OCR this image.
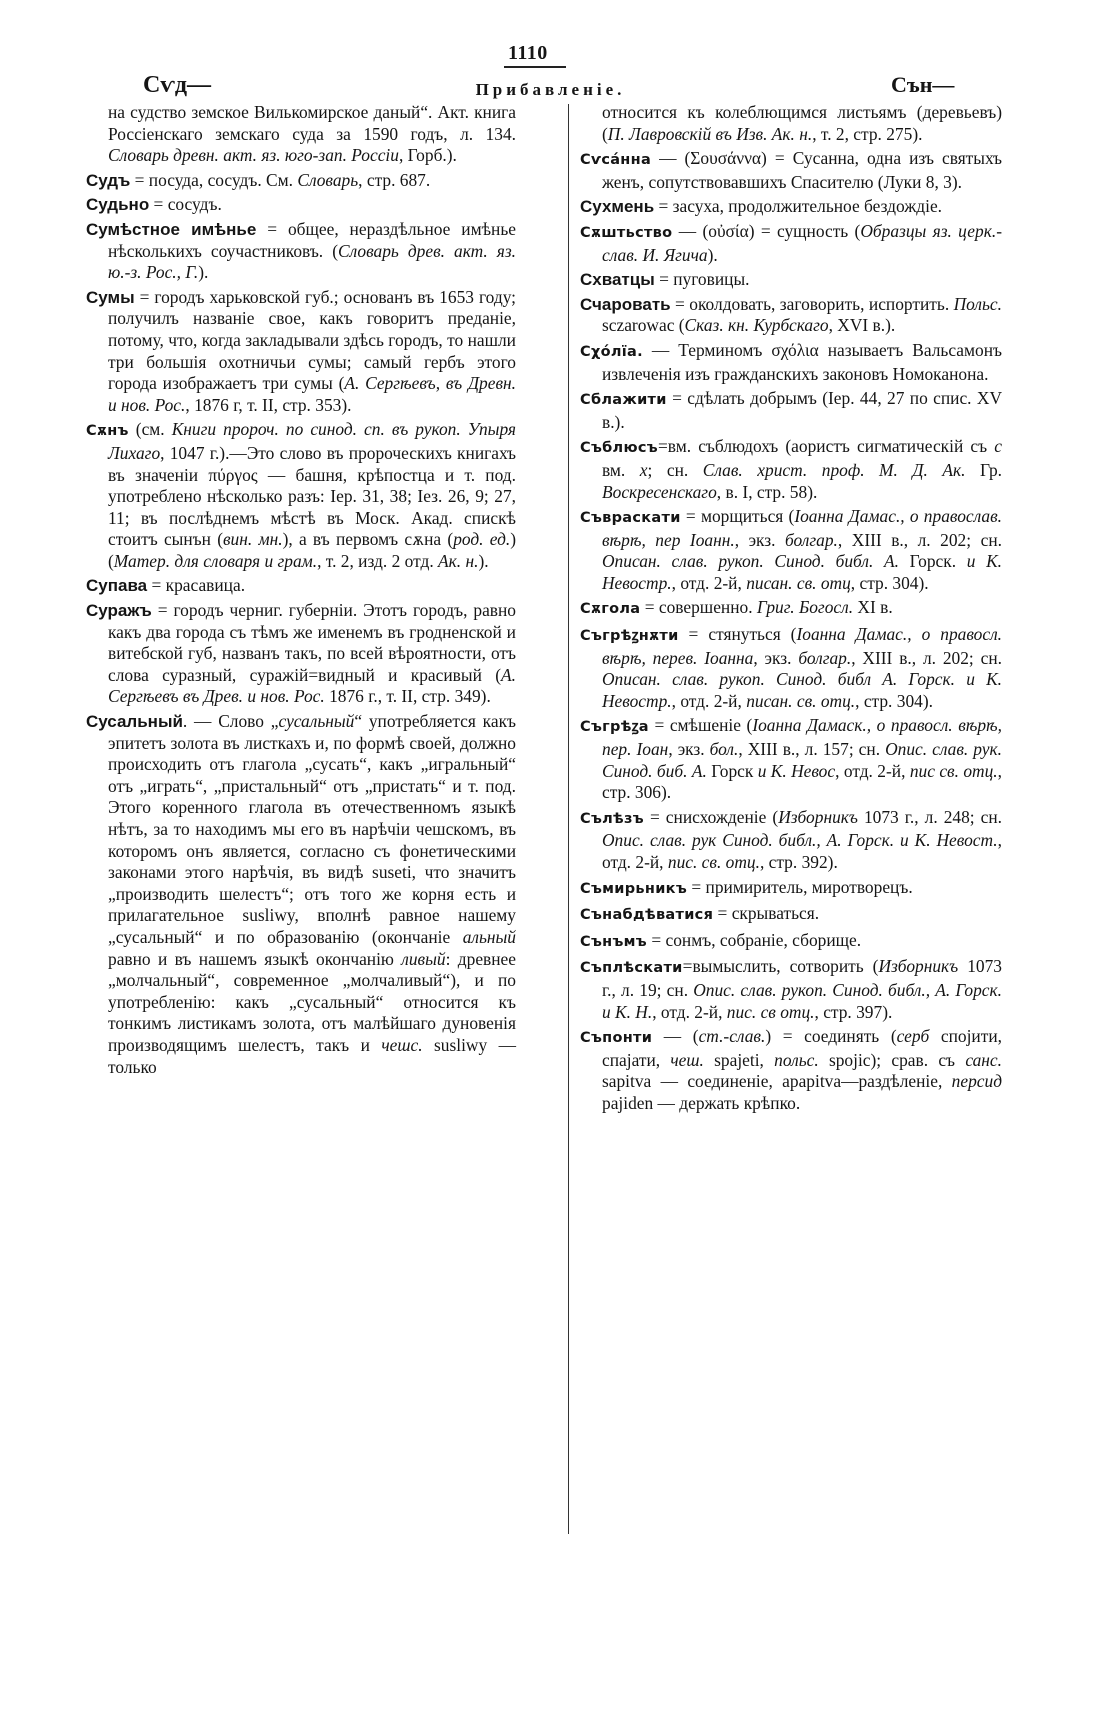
1110
Сѵд—	Прибавленіе.	Сън—

на судство земское Вилькомирское даный“. Акт. книга Россіенскаго земскаго суда за 1590 годъ, л. 134. Словарь древн. акт. яз. юго-зап. Россіи, Горб.).

Судъ = посуда, сосудъ. См. Словарь, стр. 687.

Судьно = сосудъ.

Сумѣстное имѣнье = общее, нераздѣльное имѣнье нѣсколькихъ соучастниковъ. (Словарь древ. акт. яз. ю.-з. Рос., Г.).

Сумы = городъ харьковской губ.; основанъ въ 1653 году; получилъ названіе свое, какъ говоритъ преданіе, потому, что, когда закладывали здѣсь городъ, то нашли три большія охотничьи сумы; самый гербъ этого города изображаетъ три сумы (А. Сергѣевъ, въ Древн. и нов. Рос., 1876 г, т. II, стр. 353).

Сѫнъ (см. Книги пророч. по синод. сп. въ рукоп. Упыря Лихаго, 1047 г.).—Это слово въ пророческихъ книгахъ въ значеніи πύργος — башня, крѣпостца и т. под. употреблено нѣсколько разъ: Іер. 31, 38; Іез. 26, 9; 27, 11; въ послѣднемъ мѣстѣ въ Моск. Акад. спискѣ стоитъ сынън (вин. мн.), а въ первомъ сѫна (род. ед.) (Матер. для словаря и грам., т. 2, изд. 2 отд. Ак. н.).

Супава = красавица.

Суражъ = городъ черниг. губерніи. Этотъ городъ, равно какъ два города съ тѣмъ же именемъ въ гродненской и витебской губ, названъ такъ, по всей вѣроятности, отъ слова суразный, суражій=видный и красивый (А. Сергѣевъ въ Древ. и нов. Рос. 1876 г., т. II, стр. 349).

Сусальный. — Слово „сусальный“ употребляется какъ эпитетъ золота въ листкахъ и, по формѣ своей, должно происходить отъ глагола „сусать“, какъ „игральный“ отъ „играть“, „пристальный“ отъ „пристать“ и т. под. Этого коренного глагола въ отечественномъ языкѣ нѣтъ, за то находимъ мы его въ нарѣчіи чешскомъ, въ которомъ онъ является, согласно съ фонетическими законами этого нарѣчія, въ видѣ suseti, что значитъ „производить шелестъ“; отъ того же корня есть и прилагательное susliwy, вполнѣ равное нашему „сусальный“ и по образованію (окончаніе альный равно и въ нашемъ языкѣ окончанію ливый: древнее „молчальный“, современное „молчаливый“), и по употребленію: какъ „сусальный“ относится къ тонкимъ листикамъ золота, отъ малѣйшаго дуновенія производящимъ шелестъ, такъ и чешс. susliwy — только

относится къ колеблющимся листьямъ (деревьевъ) (П. Лавровскій въ Изв. Ак. н., т. 2, стр. 275).

Сѵса́нна — (Σουσάννα) = Сусанна, одна изъ святыхъ женъ, сопутствовавшихъ Спасителю (Луки 8, 3).

Сухмень = засуха, продолжительное бездождіе.

Сѫштьство — (οὐσία) = сущность (Образцы яз. церк.-слав. И. Ягича).

Схватцы = пуговицы.

Счаровать = околдовать, заговорить, испортить. Польс. sczarowac (Сказ. кн. Курбскаго, XVI в.).

Сχо́лїа. — Терминомъ σχόλια называетъ Вальсамонъ извлеченія изъ гражданскихъ законовъ Номоканона.

Сблажити = сдѣлать добрымъ (Іер. 44, 27 по спис. XV в.).

Съблюсъ=вм. съблюдохъ (аористъ сигматическій съ с вм. х; сн. Слав. христ. проф. М. Д. Ак. Гр. Воскресенскаго, в. I, стр. 58).

Съвраскати = морщиться (Іоанна Дамас., о православ. вѣрѣ, пер Іоанн., экз. болгар., XIII в., л. 202; сн. Описан. слав. рукоп. Синод. библ. А. Горск. и К. Невостр., отд. 2-й, писан. св. отц, стр. 304).

Сѫгола = совершенно. Григ. Богосл. XI в.

Съгрѣꙁнѫти = стянуться (Іоанна Дамас., о правосл. вѣрѣ, перев. Іоанна, экз. болгар., XIII в., л. 202; сн. Описан. слав. рукоп. Синод. библ А. Горск. и К. Невостр., отд. 2-й, писан. св. отц., стр. 304).

Съгрѣꙁа = смѣшеніе (Іоанна Дамаск., о правосл. вѣрѣ, пер. Іоан, экз. бол., XIII в., л. 157; сн. Опис. слав. рук. Синод. биб. А. Горск и К. Невос, отд. 2-й, пис св. отц., стр. 306).

Сълѣзъ = снисхожденіе (Изборникъ 1073 г., л. 248; сн. Опис. слав. рук Синод. библ., А. Горск. и К. Невост., отд. 2-й, пис. св. отц., стр. 392).

Съмирьникъ = примиритель, миротворецъ.

Сънабдѣватися = скрываться.

Сънъмъ = сонмъ, собраніе, сборище.

Съплѣскати=вымыслить, сотворить (Изборникъ 1073 г., л. 19; сн. Опис. слав. рукоп. Синод. библ., А. Горск. и К. Н., отд. 2-й, пис. св отц., стр. 397).

Съпонти — (ст.-слав.) = соединять (серб спојити, спајати, чеш. spajeti, польс. spojic); срав. съ санс. sapitva — соединеніе, apapitva—раздѣленіе, персид pajiden — держать крѣпко.
